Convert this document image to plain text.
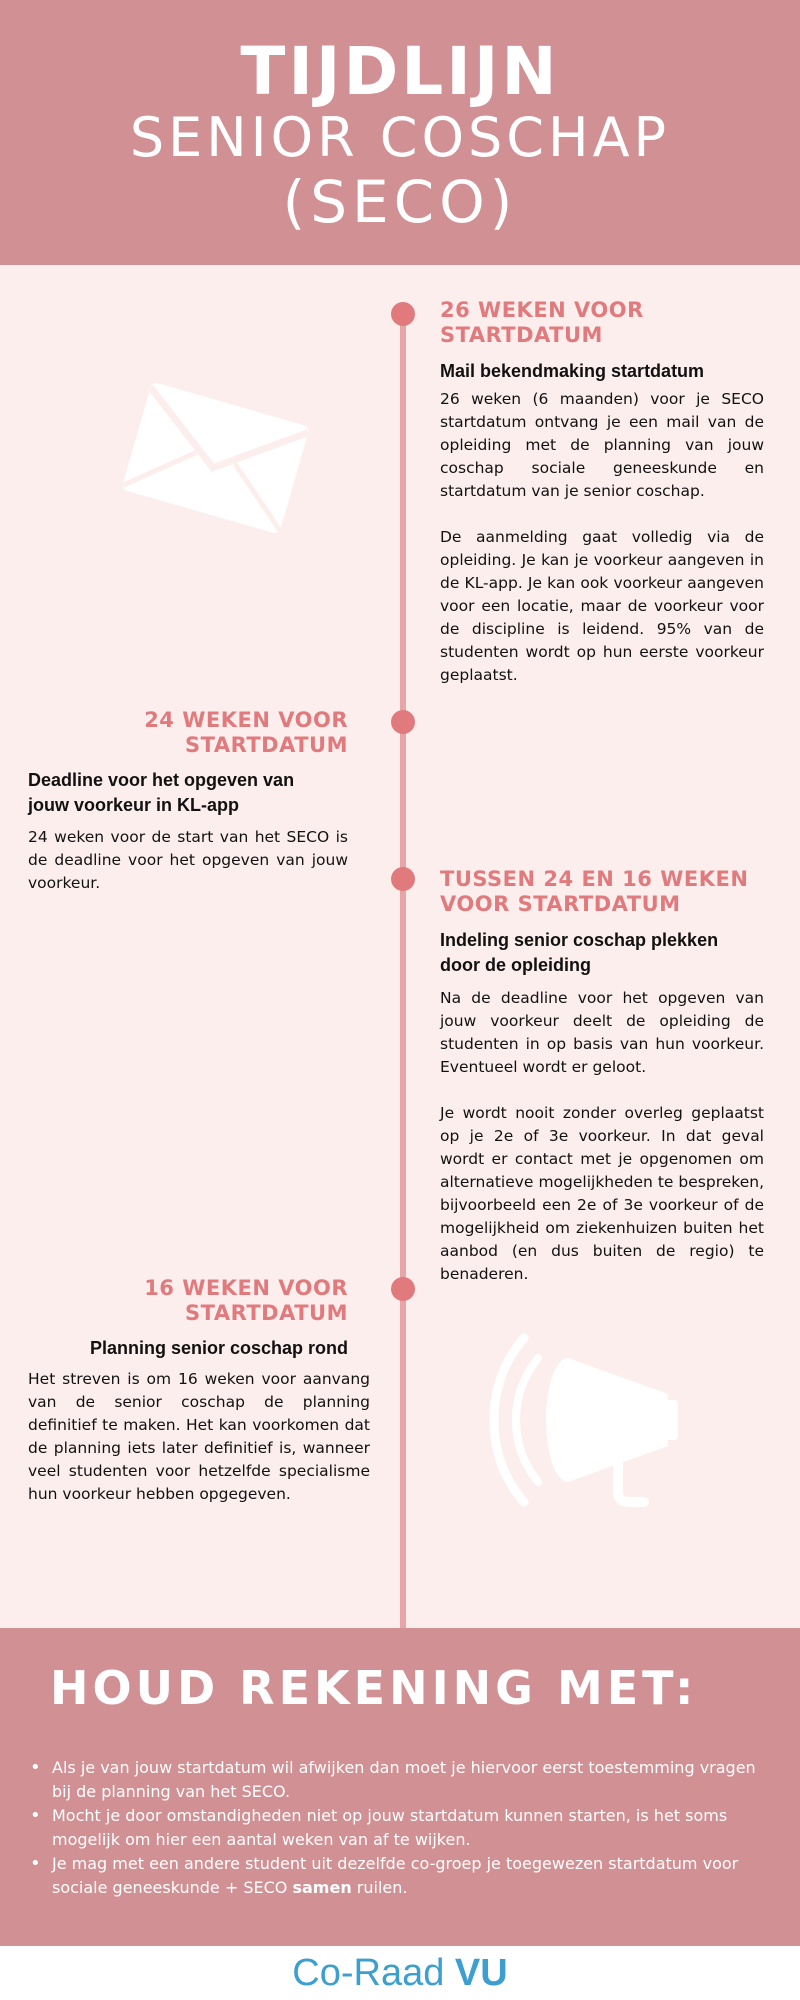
TIJDLIJN
SENIOR COSCHAP
(SECO)
26 WEKEN VOOR
STARTDATUM
Mail bekendmaking startdatum
26 weken (6 maanden) voor je SECO startdatum ontvang je een mail van de opleiding met de planning van jouw coschap sociale geneeskunde en startdatum van je senior coschap.

De aanmelding gaat volledig via de opleiding. Je kan je voorkeur aangeven in de KL-app. Je kan ook voorkeur aangeven voor een locatie, maar de voorkeur voor de discipline is leidend. 95% van de studenten wordt op hun eerste voorkeur geplaatst.
24 WEKEN VOOR
STARTDATUM
Deadline voor het opgeven van jouw voorkeur in KL-app
24 weken voor de start van het SECO is de deadline voor het opgeven van jouw voorkeur.	TUSSEN 24 EN 16 WEKEN
VOOR STARTDATUM
Indeling senior coschap plekken door de opleiding
Na de deadline voor het opgeven van jouw voorkeur deelt de opleiding de studenten in op basis van hun voorkeur. Eventueel wordt er geloot.

Je wordt nooit zonder overleg geplaatst op je 2e of 3e voorkeur. In dat geval wordt er contact met je opgenomen om alternatieve mogelijkheden te bespreken, bijvoorbeeld een 2e of 3e voorkeur of de mogelijkheid om ziekenhuizen buiten het aanbod (en dus buiten de regio) te benaderen.
16 WEKEN VOOR
STARTDATUM
Planning senior coschap rond
Het streven is om 16 weken voor aanvang van de senior coschap de planning definitief te maken. Het kan voorkomen dat de planning iets later definitief is, wanneer veel studenten voor hetzelfde specialisme hun voorkeur hebben opgegeven.
HOUD REKENING MET:
• Als je van jouw startdatum wil afwijken dan moet je hiervoor eerst toestemming vragen bij de planning van het SECO.
• Mocht je door omstandigheden niet op jouw startdatum kunnen starten, is het soms mogelijk om hier een aantal weken van af te wijken.
• Je mag met een andere student uit dezelfde co-groep je toegewezen startdatum voor sociale geneeskunde + SECO samen ruilen.
Co-Raad VU
